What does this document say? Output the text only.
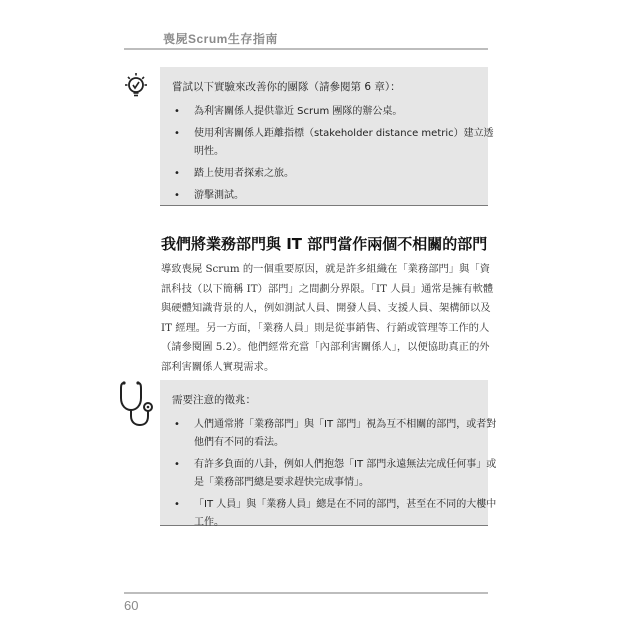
喪屍Scrum生存指南
嘗試以下實驗來改善你的團隊（請參閱第 6 章）：
• 為利害關係人提供靠近 Scrum 團隊的辦公桌。
• 使用利害關係人距離指標（stakeholder distance metric）建立透
明性。
• 踏上使用者探索之旅。
• 游擊測試。
我們將業務部門與 IT 部門當作兩個不相關的部門
導致喪屍 Scrum 的一個重要原因，就是許多組織在「業務部門」與「資
訊科技（以下簡稱 IT）部門」之間劃分界限。「IT 人員」通常是擁有軟體
與硬體知識背景的人，例如測試人員、開發人員、支援人員、架構師以及
IT 經理。另一方面，「業務人員」則是從事銷售、行銷或管理等工作的人
（請參閱圖 5.2）。他們經常充當「內部利害關係人」，以便協助真正的外
部利害關係人實現需求。
需要注意的徵兆：
• 人們通常將「業務部門」與「IT 部門」視為互不相關的部門，或者對
他們有不同的看法。
• 有許多負面的八卦，例如人們抱怨「IT 部門永遠無法完成任何事」或
是「業務部門總是要求趕快完成事情」。
• 「IT 人員」與「業務人員」總是在不同的部門，甚至在不同的大樓中
工作。
60
